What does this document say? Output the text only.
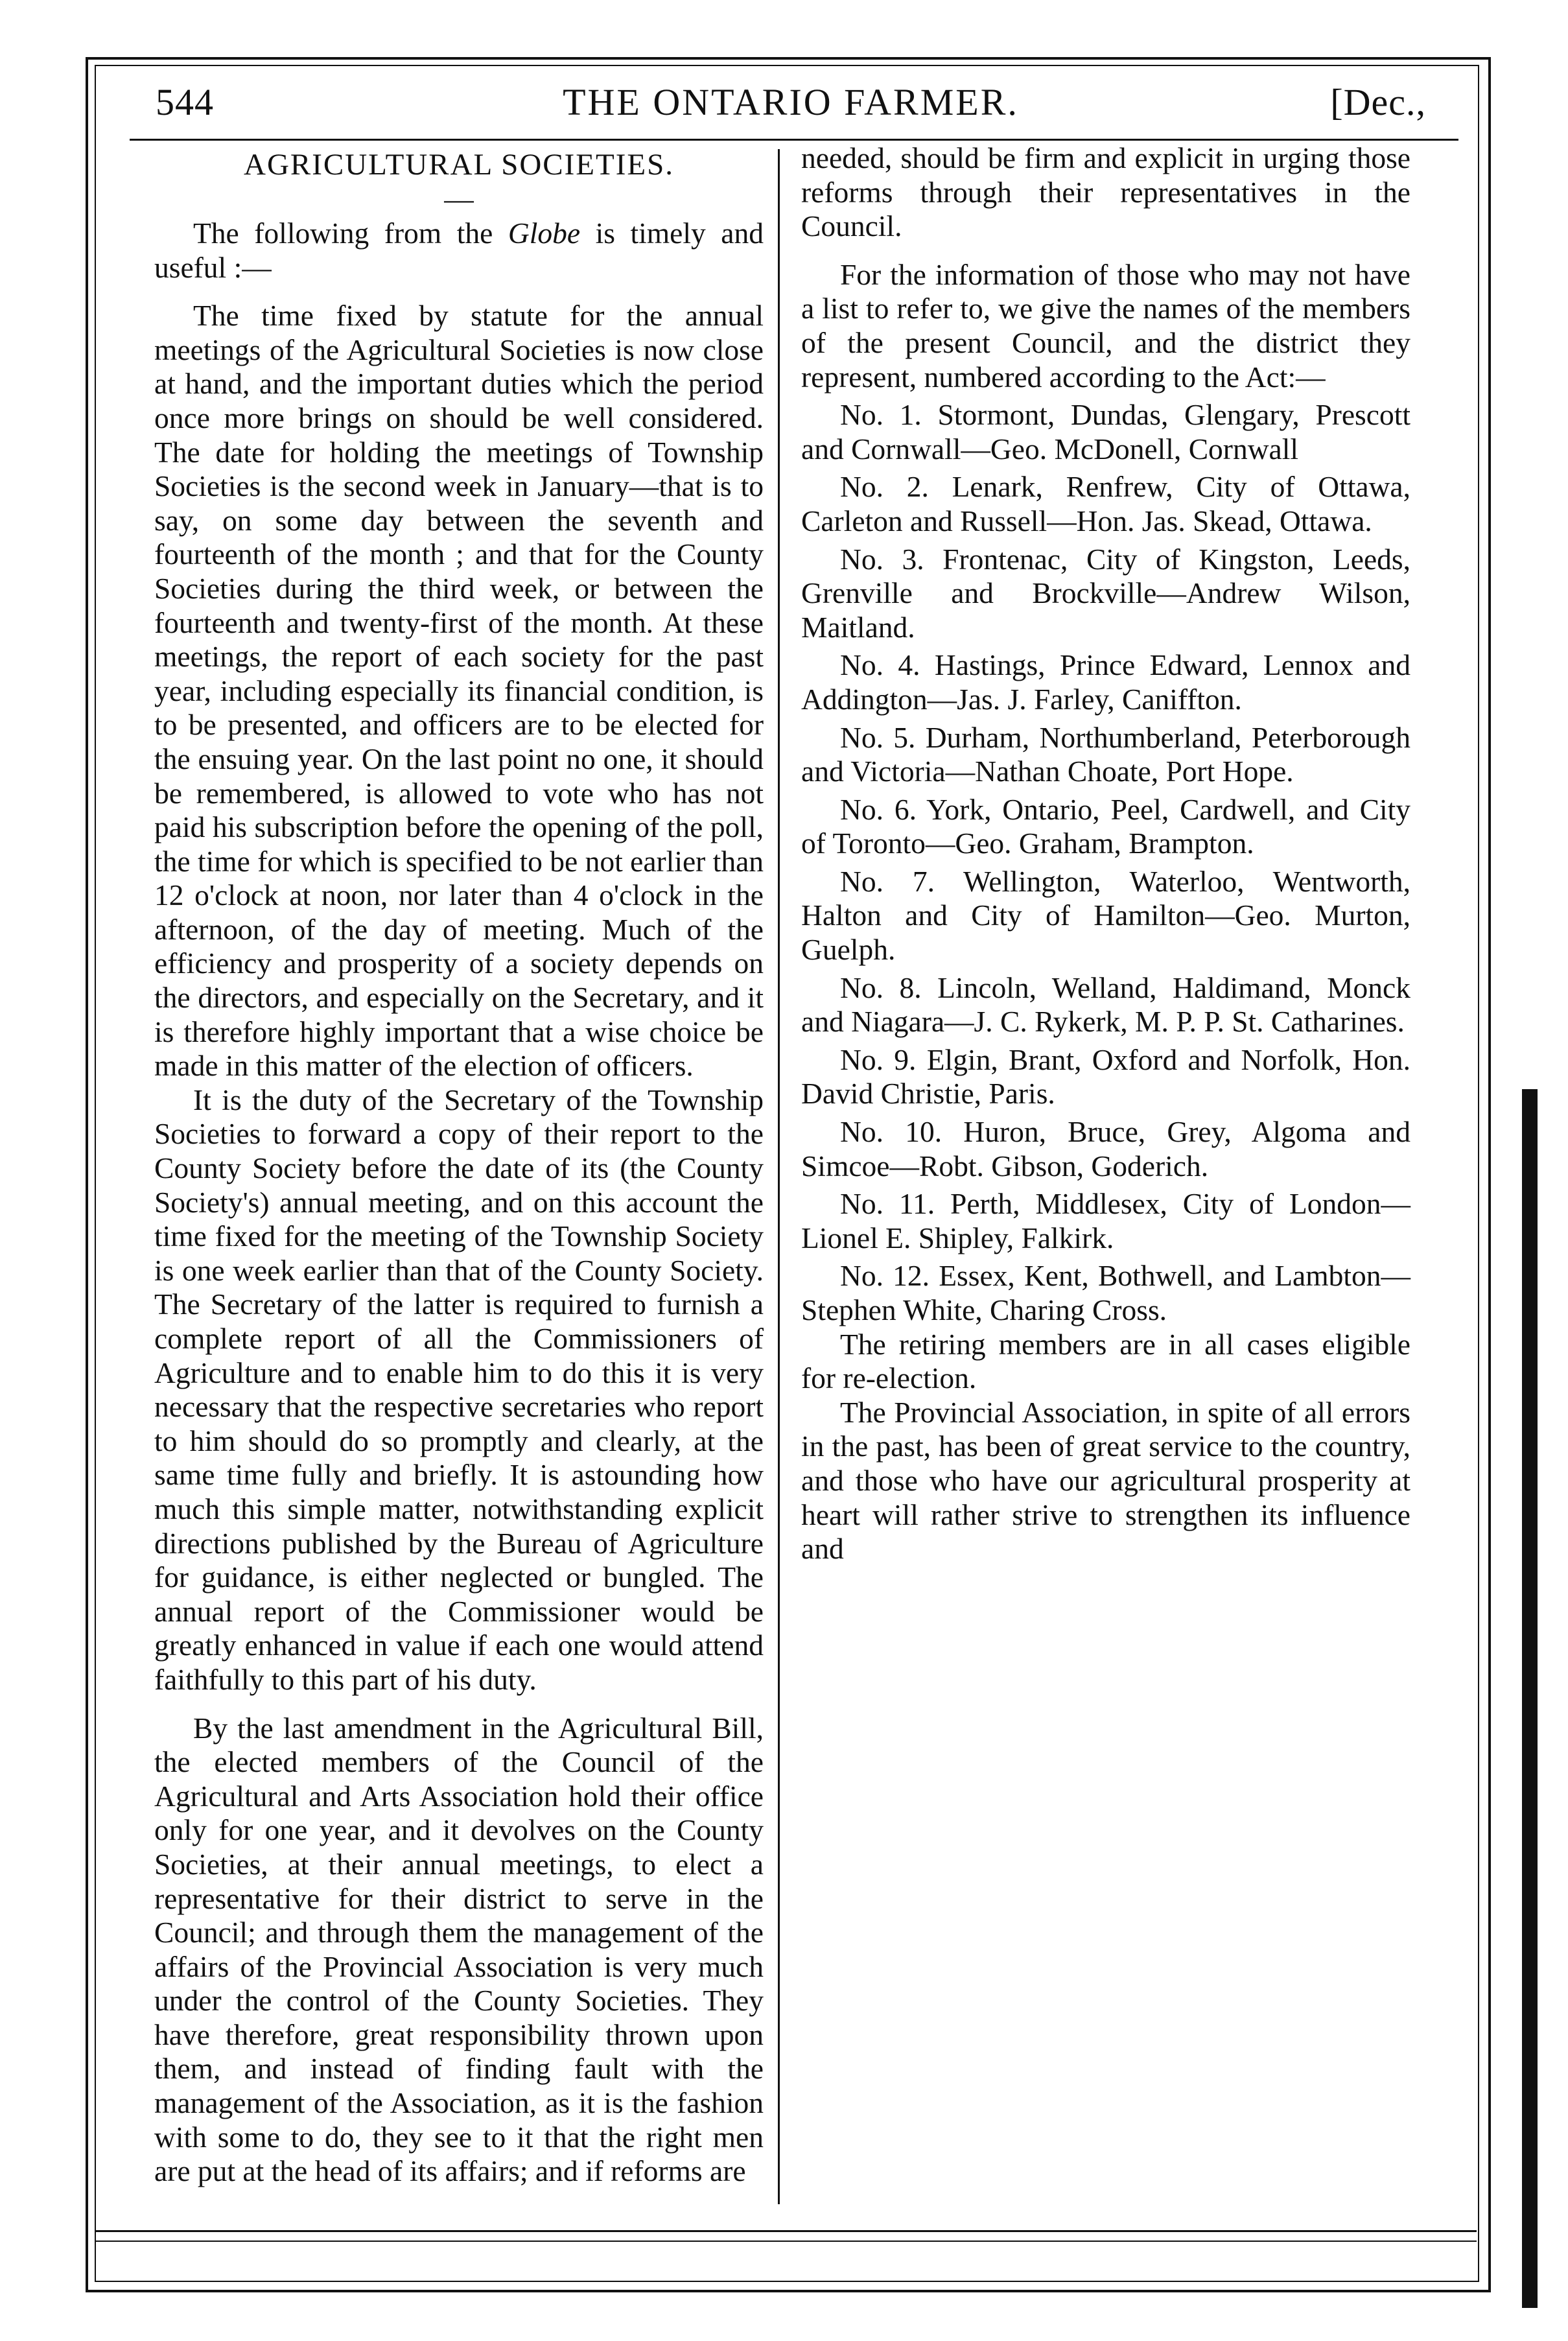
544	THE ONTARIO FARMER.	[Dec.,
AGRICULTURAL SOCIETIES.
—

The following from the Globe is timely and useful :—

The time fixed by statute for the annual meetings of the Agricultural Societies is now close at hand, and the important duties which the period once more brings on should be well considered. The date for holding the meetings of Township Societies is the second week in January—that is to say, on some day between the seventh and fourteenth of the month ; and that for the County Societies during the third week, or between the fourteenth and twenty-first of the month. At these meetings, the report of each society for the past year, including especially its financial condition, is to be presented, and officers are to be elected for the ensuing year. On the last point no one, it should be remembered, is allowed to vote who has not paid his subscription before the opening of the poll, the time for which is specified to be not earlier than 12 o'clock at noon, nor later than 4 o'clock in the afternoon, of the day of meeting. Much of the efficiency and prosperity of a society depends on the directors, and especially on the Secretary, and it is therefore highly important that a wise choice be made in this matter of the election of officers.

It is the duty of the Secretary of the Township Societies to forward a copy of their report to the County Society before the date of its (the County Society's) annual meeting, and on this account the time fixed for the meeting of the Township Society is one week earlier than that of the County Society. The Secretary of the latter is required to furnish a complete report of all the Commissioners of Agriculture and to enable him to do this it is very necessary that the respective secretaries who report to him should do so promptly and clearly, at the same time fully and briefly. It is astounding how much this simple matter, notwithstanding explicit directions published by the Bureau of Agriculture for guidance, is either neglected or bungled. The annual report of the Commissioner would be greatly enhanced in value if each one would attend faithfully to this part of his duty.

By the last amendment in the Agricultural Bill, the elected members of the Council of the Agricultural and Arts Association hold their office only for one year, and it devolves on the County Societies, at their annual meetings, to elect a representative for their district to serve in the Council; and through them the management of the affairs of the Provincial Association is very much under the control of the County Societies. They have therefore, great responsibility thrown upon them, and instead of finding fault with the management of the Association, as it is the fashion with some to do, they see to it that the right men are put at the head of its affairs; and if reforms are

needed, should be firm and explicit in urging those reforms through their representatives in the Council.

For the information of those who may not have a list to refer to, we give the names of the members of the present Council, and the district they represent, numbered according to the Act:—

No. 1. Stormont, Dundas, Glengary, Prescott and Cornwall—Geo. McDonell, Cornwall

No. 2. Lenark, Renfrew, City of Ottawa, Carleton and Russell—Hon. Jas. Skead, Ottawa.

No. 3. Frontenac, City of Kingston, Leeds, Grenville and Brockville—Andrew Wilson, Maitland.

No. 4. Hastings, Prince Edward, Lennox and Addington—Jas. J. Farley, Caniffton.

No. 5. Durham, Northumberland, Peterborough and Victoria—Nathan Choate, Port Hope.

No. 6. York, Ontario, Peel, Cardwell, and City of Toronto—Geo. Graham, Brampton.

No. 7. Wellington, Waterloo, Wentworth, Halton and City of Hamilton—Geo. Murton, Guelph.

No. 8. Lincoln, Welland, Haldimand, Monck and Niagara—J. C. Rykerk, M. P. P. St. Catharines.

No. 9. Elgin, Brant, Oxford and Norfolk, Hon. David Christie, Paris.

No. 10. Huron, Bruce, Grey, Algoma and Simcoe—Robt. Gibson, Goderich.

No. 11. Perth, Middlesex, City of London—Lionel E. Shipley, Falkirk.

No. 12. Essex, Kent, Bothwell, and Lambton—Stephen White, Charing Cross.

The retiring members are in all cases eligible for re-election.

The Provincial Association, in spite of all errors in the past, has been of great service to the country, and those who have our agricultural prosperity at heart will rather strive to strengthen its influence and
